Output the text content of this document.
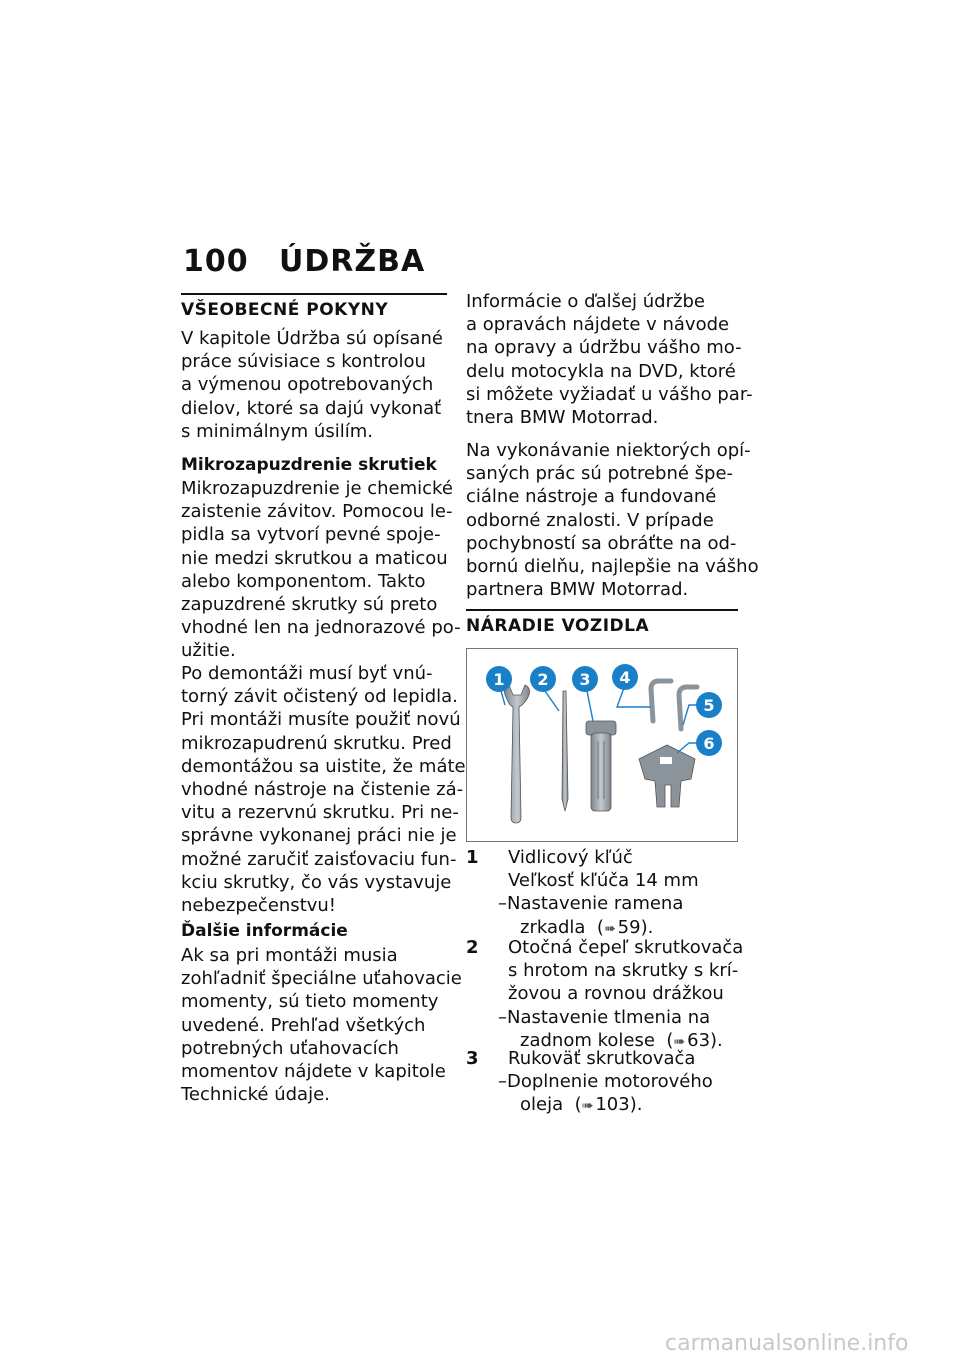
100 ÚDRŽBA
VŠEOBECNÉ POKYNY
V kapitole Údržba sú opísané
práce súvisiace s kontrolou
a výmenou opotrebovaných
dielov, ktoré sa dajú vykonať
s minimálnym úsilím.
Mikrozapuzdrenie skrutiek
Mikrozapuzdrenie je chemické
zaistenie závitov. Pomocou le-
pidla sa vytvorí pevné spoje-
nie medzi skrutkou a maticou
alebo komponentom. Takto
zapuzdrené skrutky sú preto
vhodné len na jednorazové po-
užitie.
Po demontáži musí byť vnú-
torný závit očistený od lepidla.
Pri montáži musíte použiť novú
mikrozapudrenú skrutku. Pred
demontážou sa uistite, že máte
vhodné nástroje na čistenie zá-
vitu a rezervnú skrutku. Pri ne-
správne vykonanej práci nie je
možné zaručiť zaisťovaciu fun-
kciu skrutky, čo vás vystavuje
nebezpečenstvu!
Ďalšie informácie
Ak sa pri montáži musia
zohľadniť špeciálne uťahovacie
momenty, sú tieto momenty
uvedené. Prehľad všetkých
potrebných uťahovacích
momentov nájdete v kapitole
Technické údaje.
Informácie o ďalšej údržbe
a opravách nájdete v návode
na opravy a údržbu vášho mo-
delu motocykla na DVD, ktoré
si môžete vyžiadať u vášho par-
tnera BMW Motorrad.
Na vykonávanie niektorých opí-
saných prác sú potrebné špe-
ciálne nástroje a fundované
odborné znalosti. V prípade
pochybností sa obráťte na od-
bornú dielňu, najlepšie na vášho
partnera BMW Motorrad.
NÁRADIE VOZIDLA
1 2 3 4
5
6
1 Vidlicový kľúč
Veľkosť kľúča 14 mm
–Nastavenie ramena
zrkadla (➠ 59).
2 Otočná čepeľ skrutkovača
s hrotom na skrutky s krí-
žovou a rovnou drážkou
–Nastavenie tlmenia na
zadnom kolese (➠ 63).
3 Rukoväť skrutkovača
–Doplnenie motorového
oleja (➠ 103).
carmanualsonline.info
